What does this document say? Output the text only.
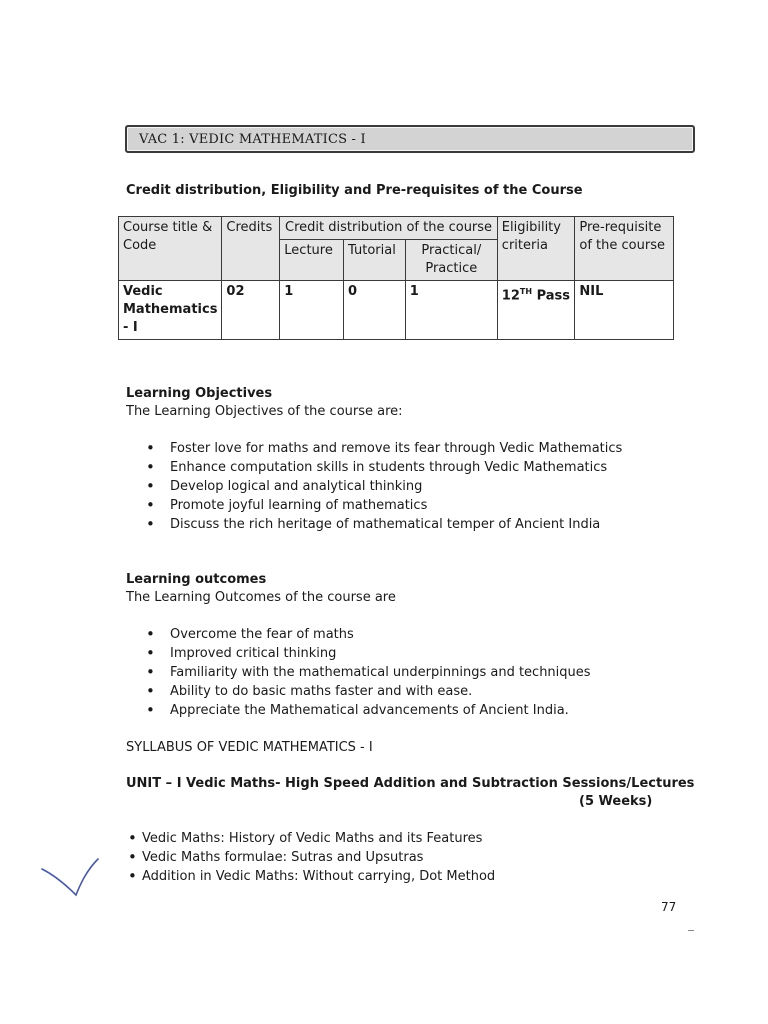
VAC 1: VEDIC MATHEMATICS - I
Credit distribution, Eligibility and Pre-requisites of the Course
Course title & Code	Credits	Credit distribution of the course			Eligibility criteria	Pre-requisite of the course
		Lecture	Tutorial	Practical/ Practice		
Vedic Mathematics - I	02	1	0	1	12TH Pass	NIL
Learning Objectives
The Learning Objectives of the course are:
• Foster love for maths and remove its fear through Vedic Mathematics
• Enhance computation skills in students through Vedic Mathematics
• Develop logical and analytical thinking
• Promote joyful learning of mathematics
• Discuss the rich heritage of mathematical temper of Ancient India
Learning outcomes
The Learning Outcomes of the course are
• Overcome the fear of maths
• Improved critical thinking
• Familiarity with the mathematical underpinnings and techniques
• Ability to do basic maths faster and with ease.
• Appreciate the Mathematical advancements of Ancient India.
SYLLABUS OF VEDIC MATHEMATICS - I
UNIT – I Vedic Maths- High Speed Addition and Subtraction Sessions/Lectures
(5 Weeks)
• Vedic Maths: History of Vedic Maths and its Features
• Vedic Maths formulae: Sutras and Upsutras
• Addition in Vedic Maths: Without carrying, Dot Method
77
